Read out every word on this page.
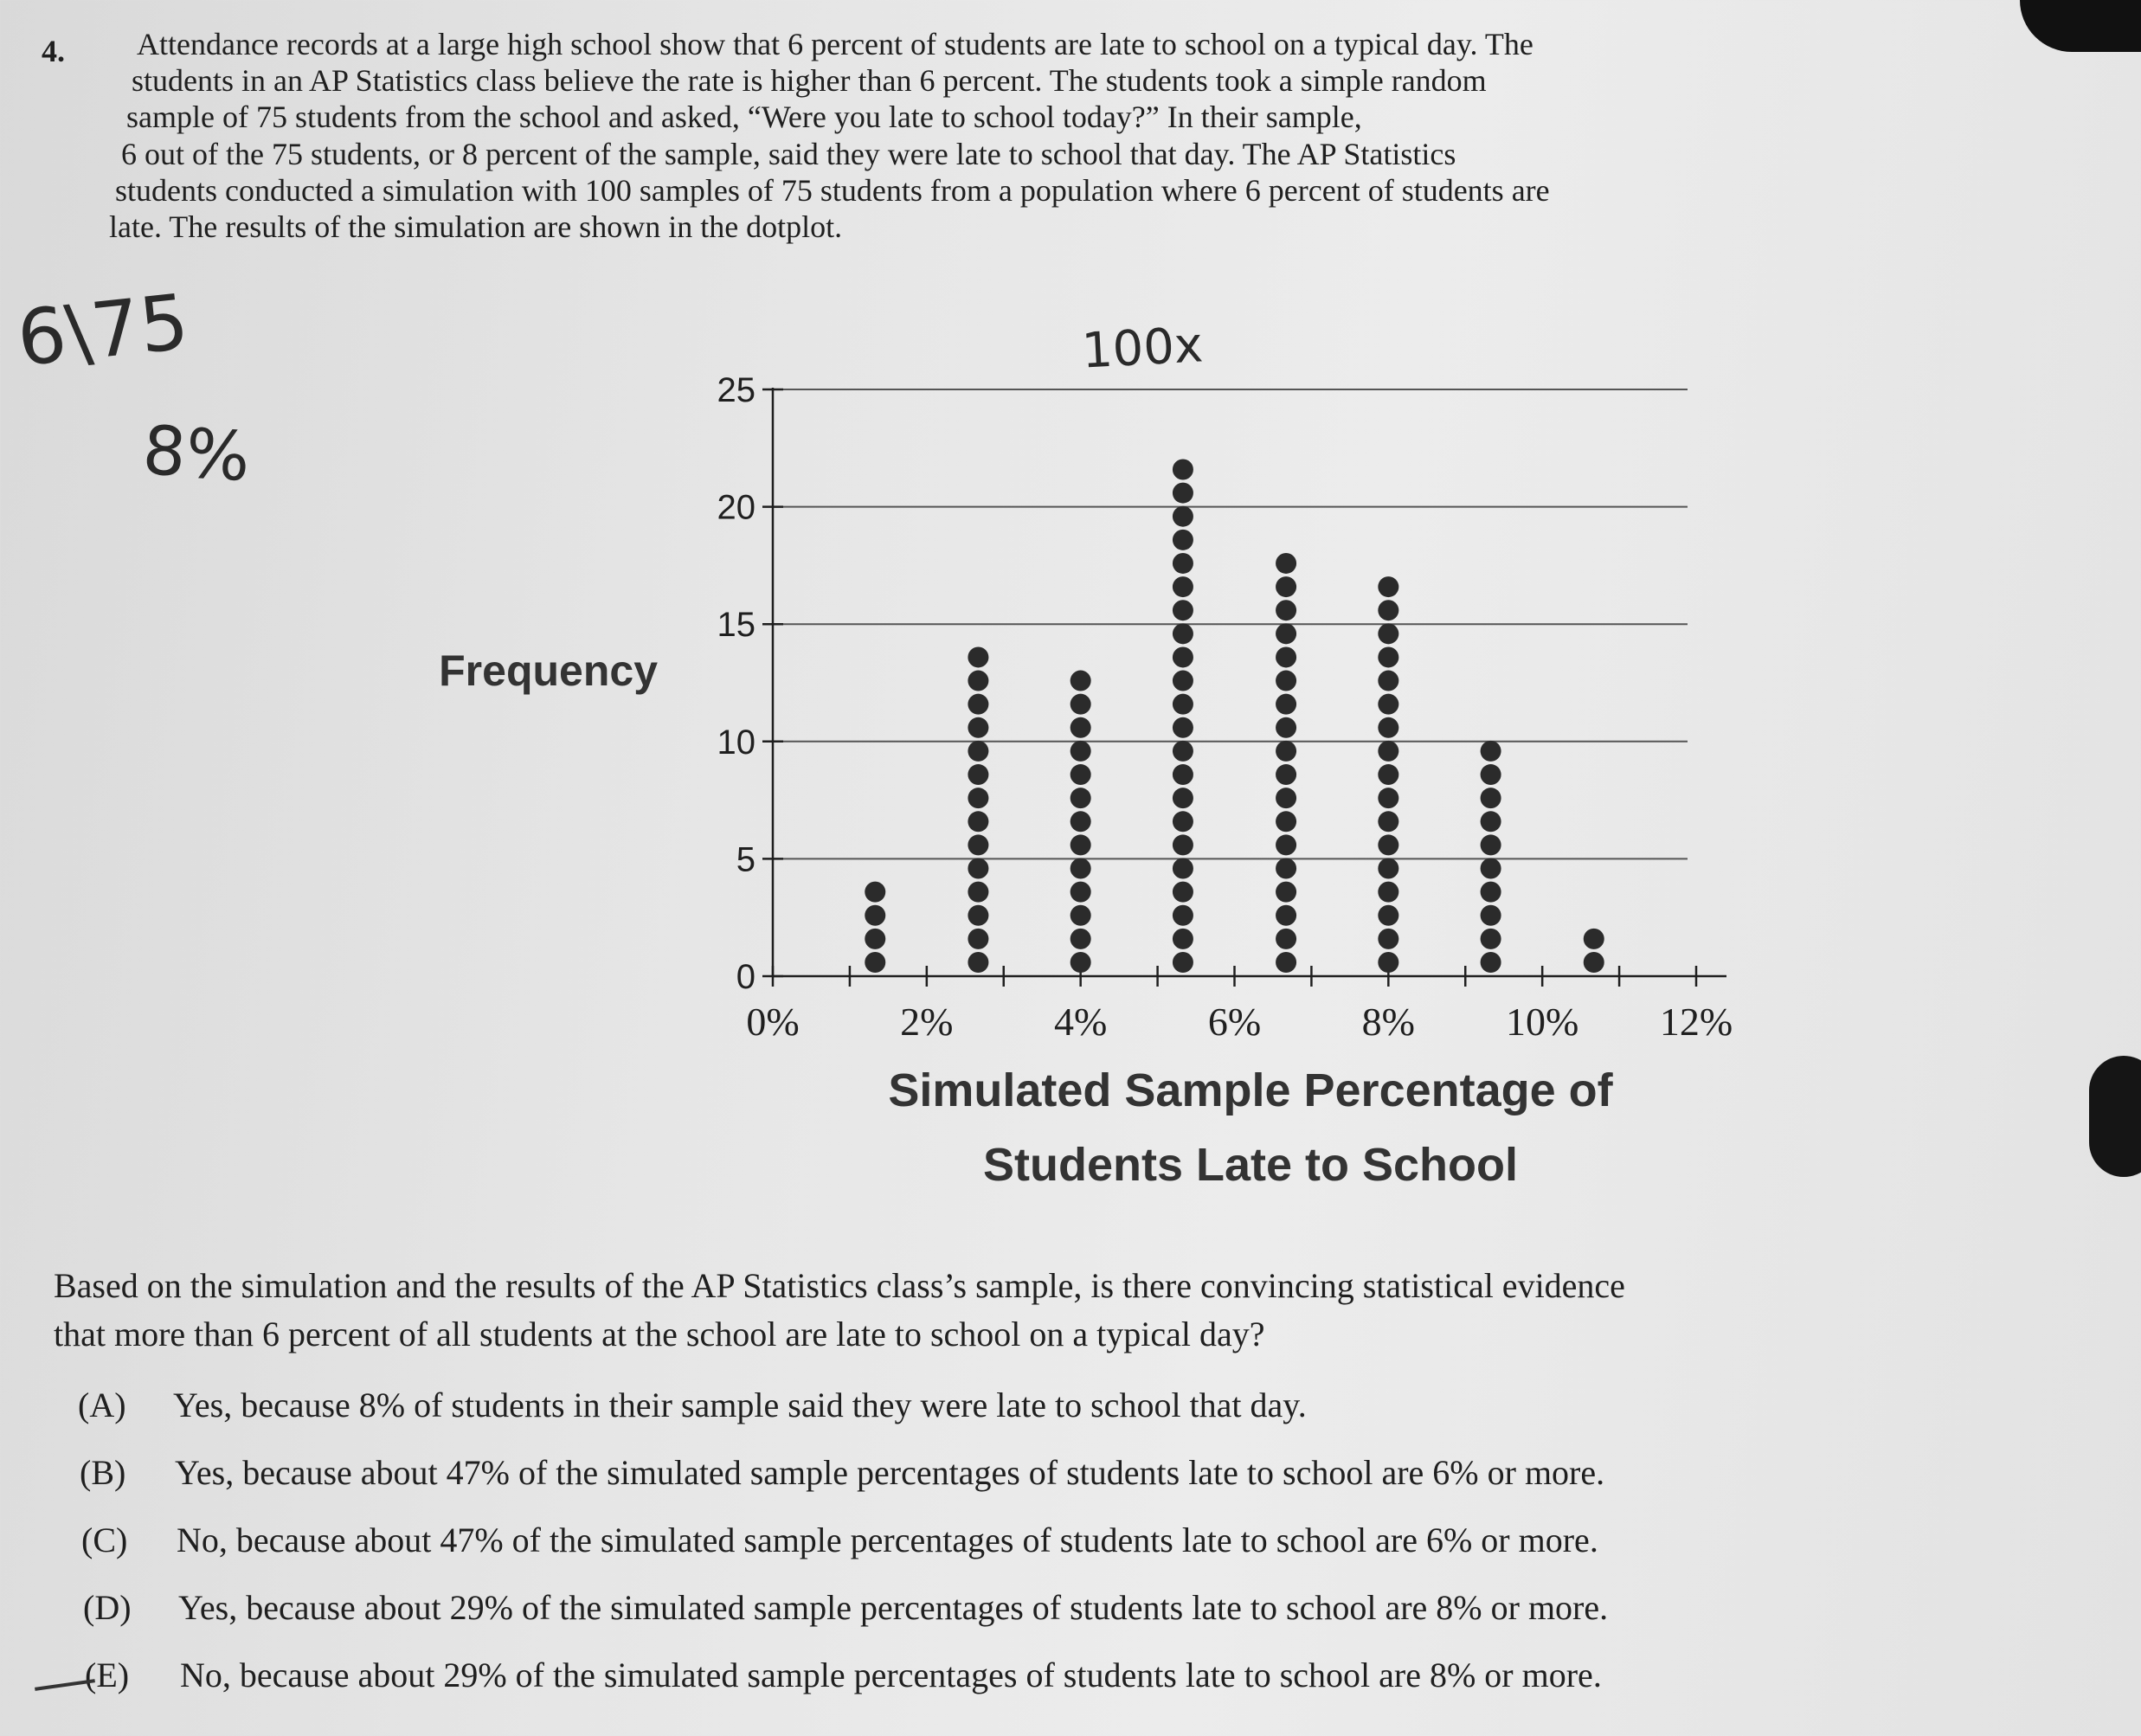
4. Attendance records at a large high school show that 6 percent of students are late to school on a typical day. The
students in an AP Statistics class believe the rate is higher than 6 percent. The students took a simple random
sample of 75 students from the school and asked, “Were you late to school today?” In their sample,
6 out of the 75 students, or 8 percent of the sample, said they were late to school that day. The AP Statistics
students conducted a simulation with 100 samples of 75 students from a population where 6 percent of students are
late. The results of the simulation are shown in the dotplot.
6\75
8%
100x
0
5
10
15
20
25
0%	2%	4%	6%	8% 10% 12%
Frequency
Simulated Sample Percentage of
Students Late to School
Based on the simulation and the results of the AP Statistics class’s sample, is there convincing statistical evidence
that more than 6 percent of all students at the school are late to school on a typical day?
(A) Yes, because 8% of students in their sample said they were late to school that day.
(B) Yes, because about 47% of the simulated sample percentages of students late to school are 6% or more.
(C) No, because about 47% of the simulated sample percentages of students late to school are 6% or more.
(D) Yes, because about 29% of the simulated sample percentages of students late to school are 8% or more.
(E) No, because about 29% of the simulated sample percentages of students late to school are 8% or more.
